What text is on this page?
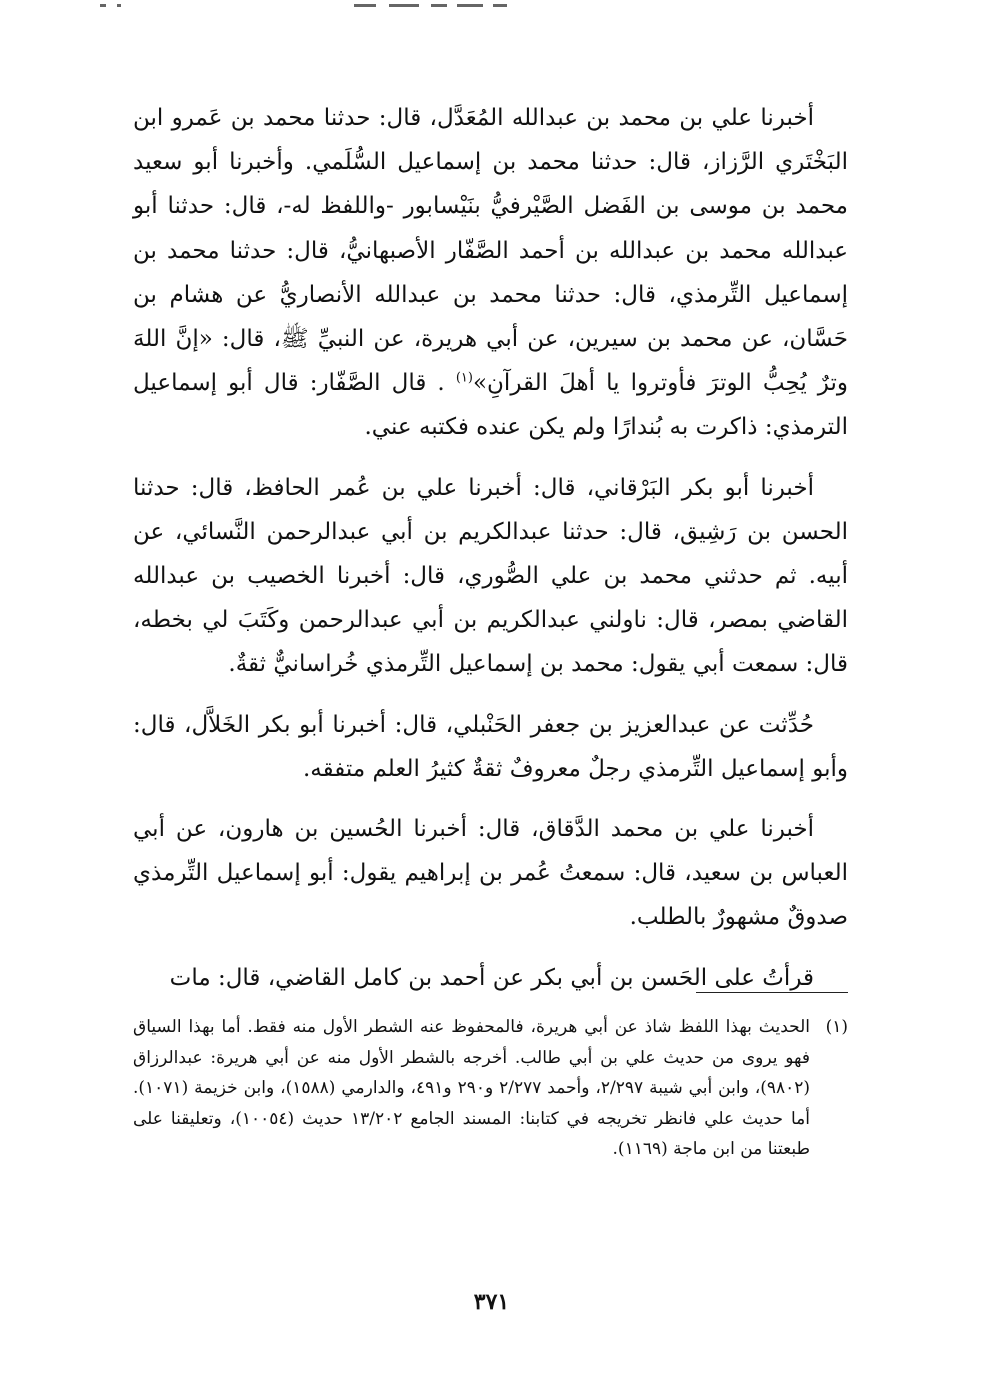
أخبرنا علي بن محمد بن عبدالله المُعَدَّل، قال: حدثنا محمد بن عَمرو ابن البَخْتَري الرَّزاز، قال: حدثنا محمد بن إسماعيل السُّلَمي. وأخبرنا أبو سعيد محمد بن موسى بن الفَضل الصَّيْرفيُّ بنَيْسابور -واللفظ له-، قال: حدثنا أبو عبدالله محمد بن عبدالله بن أحمد الصَّفّار الأصبهانيُّ، قال: حدثنا محمد بن إسماعيل التِّرمذي، قال: حدثنا محمد بن عبدالله الأنصاريُّ عن هشام بن حَسَّان، عن محمد بن سيرين، عن أبي هريرة، عن النبيِّ ﷺ، قال: «إنَّ اللهَ وترٌ يُحِبُّ الوترَ فأوتروا يا أهلَ القرآنِ»$^{(١)}$ . قال الصَّفّار: قال أبو إسماعيل الترمذي: ذاكرت به بُندارًا ولم يكن عنده فكتبه عني.

أخبرنا أبو بكر البَرْقاني، قال: أخبرنا علي بن عُمر الحافظ، قال: حدثنا الحسن بن رَشِيق، قال: حدثنا عبدالكريم بن أبي عبدالرحمن النَّسائي، عن أبيه. ثم حدثني محمد بن علي الصُّوري، قال: أخبرنا الخصيب بن عبدالله القاضي بمصر، قال: ناولني عبدالكريم بن أبي عبدالرحمن وكَتَبَ لي بخطه، قال: سمعت أبي يقول: محمد بن إسماعيل التِّرمذي خُراسانيٌّ ثقةٌ.

حُدِّثت عن عبدالعزيز بن جعفر الحَنْبلي، قال: أخبرنا أبو بكر الخَلاَّل، قال: وأبو إسماعيل التِّرمذي رجلٌ معروفٌ ثقةٌ كثيرُ العلم متفقه.

أخبرنا علي بن محمد الدَّقاق، قال: أخبرنا الحُسين بن هارون، عن أبي العباس بن سعيد، قال: سمعتُ عُمر بن إبراهيم يقول: أبو إسماعيل التِّرمذي صدوقٌ مشهورٌ بالطلب.

قرأتُ على الحَسن بن أبي بكر عن أحمد بن كامل القاضي، قال: مات

(١)
الحديث بهذا اللفظ شاذ عن أبي هريرة، فالمحفوظ عنه الشطر الأول منه فقط. أما بهذا السياق فهو يروى من حديث علي بن أبي طالب. أخرجه بالشطر الأول منه عن أبي هريرة: عبدالرزاق (٩٨٠٢)، وابن أبي شيبة ٢/٢٩٧، وأحمد ٢/٢٧٧ و٢٩٠ و٤٩١، والدارمي (١٥٨٨)، وابن خزيمة (١٠٧١). أما حديث علي فانظر تخريجه في كتابنا: المسند الجامع ١٣/٢٠٢ حديث (١٠٠٥٤)، وتعليقنا على طبعتنا من ابن ماجة (١١٦٩).
٣٧١
